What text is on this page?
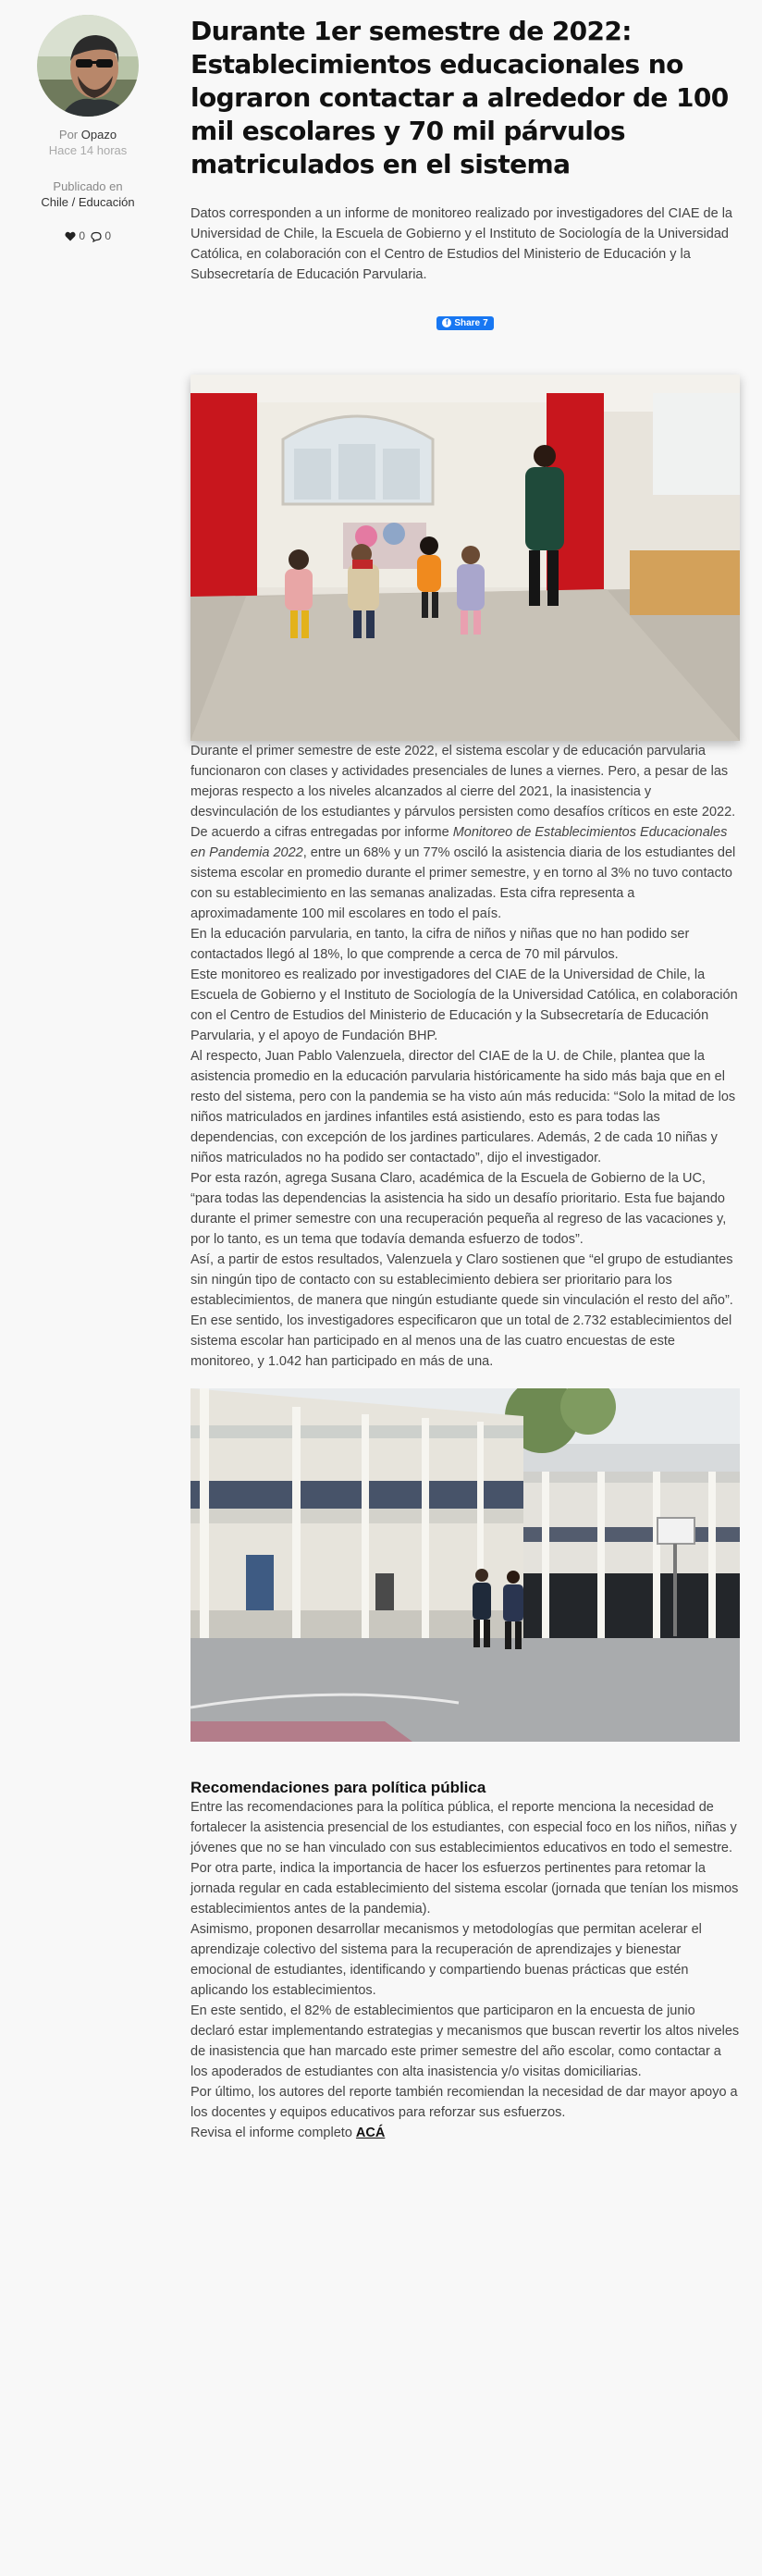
Por Opazo
Hace 14 horas
Publicado en
Chile / Educación
0	0
Durante 1er semestre de 2022: Establecimientos educacionales no lograron contactar a alrededor de 100 mil escolares y 70 mil párvulos matriculados en el sistema

Datos corresponden a un informe de monitoreo realizado por investigadores del CIAE de la Universidad de Chile, la Escuela de Gobierno y el Instituto de Sociología de la Universidad Católica, en colaboración con el Centro de Estudios del Ministerio de Educación y la Subsecretaría de Educación Parvularia.

f Share 7

Durante el primer semestre de este 2022, el sistema escolar y de educación parvularia funcionaron con clases y actividades presenciales de lunes a viernes. Pero, a pesar de las mejoras respecto a los niveles alcanzados al cierre del 2021, la inasistencia y desvinculación de los estudiantes y párvulos persisten como desafíos críticos en este 2022.

De acuerdo a cifras entregadas por informe Monitoreo de Establecimientos Educacionales en Pandemia 2022, entre un 68% y un 77% osciló la asistencia diaria de los estudiantes del sistema escolar en promedio durante el primer semestre, y en torno al 3% no tuvo contacto con su establecimiento en las semanas analizadas. Esta cifra representa a aproximadamente 100 mil escolares en todo el país.

En la educación parvularia, en tanto, la cifra de niños y niñas que no han podido ser contactados llegó al 18%, lo que comprende a cerca de 70 mil párvulos.

Este monitoreo es realizado por investigadores del CIAE de la Universidad de Chile, la Escuela de Gobierno y el Instituto de Sociología de la Universidad Católica, en colaboración con el Centro de Estudios del Ministerio de Educación y la Subsecretaría de Educación Parvularia, y el apoyo de Fundación BHP.

Al respecto, Juan Pablo Valenzuela, director del CIAE de la U. de Chile, plantea que la asistencia promedio en la educación parvularia históricamente ha sido más baja que en el resto del sistema, pero con la pandemia se ha visto aún más reducida: “Solo la mitad de los niños matriculados en jardines infantiles está asistiendo, esto es para todas las dependencias, con excepción de los jardines particulares. Además, 2 de cada 10 niñas y niños matriculados no ha podido ser contactado”, dijo el investigador.

Por esta razón, agrega Susana Claro, académica de la Escuela de Gobierno de la UC, “para todas las dependencias la asistencia ha sido un desafío prioritario. Esta fue bajando durante el primer semestre con una recuperación pequeña al regreso de las vacaciones y, por lo tanto, es un tema que todavía demanda esfuerzo de todos”.

Así, a partir de estos resultados, Valenzuela y Claro sostienen que “el grupo de estudiantes sin ningún tipo de contacto con su establecimiento debiera ser prioritario para los establecimientos, de manera que ningún estudiante quede sin vinculación el resto del año”.

En ese sentido, los investigadores especificaron que un total de 2.732 establecimientos del sistema escolar han participado en al menos una de las cuatro encuestas de este monitoreo, y 1.042 han participado en más de una.

Recomendaciones para política pública

Entre las recomendaciones para la política pública, el reporte menciona la necesidad de fortalecer la asistencia presencial de los estudiantes, con especial foco en los niños, niñas y jóvenes que no se han vinculado con sus establecimientos educativos en todo el semestre. Por otra parte, indica la importancia de hacer los esfuerzos pertinentes para retomar la jornada regular en cada establecimiento del sistema escolar (jornada que tenían los mismos establecimientos antes de la pandemia).

Asimismo, proponen desarrollar mecanismos y metodologías que permitan acelerar el aprendizaje colectivo del sistema para la recuperación de aprendizajes y bienestar emocional de estudiantes, identificando y compartiendo buenas prácticas que estén aplicando los establecimientos.

En este sentido, el 82% de establecimientos que participaron en la encuesta de junio declaró estar implementando estrategias y mecanismos que buscan revertir los altos niveles de inasistencia que han marcado este primer semestre del año escolar, como contactar a los apoderados de estudiantes con alta inasistencia y/o visitas domiciliarias.

Por último, los autores del reporte también recomiendan la necesidad de dar mayor apoyo a los docentes y equipos educativos para reforzar sus esfuerzos.

Revisa el informe completo ACÁ
